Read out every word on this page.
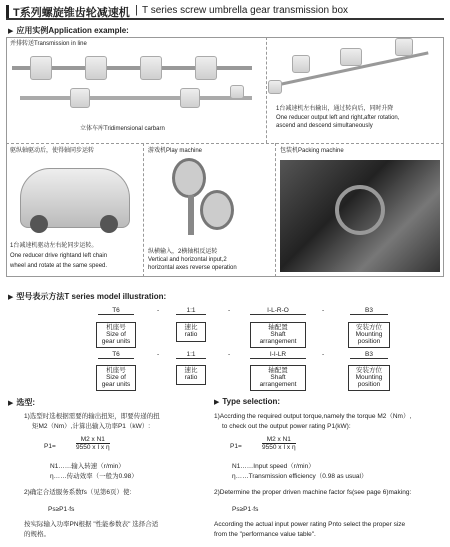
T系列螺旋锥齿轮减速机 | T series screw umbrella gear transmission box
▶ 应用实例Application example:
并排转送Transmission in line
立体车库Tridimensional carbarn
1台减速机左右输出，通过转向后，同时升降
One reducer output left and right,after rotation,
ascend and descend simultaneously
驱纵轴驱动后，使得轴同步运转
1台减速机驱动左右轮同步运转。
One reducer drive rightand left chain
wheel and rotate at the same speed.
游戏机Play machine
纵横输入，2横轴相反运转
Vertical and horizontal input,2
horizontal axes reverse operation
包装机Packing machine
▶ 型号表示方法T series model illustration:
T6	-	1:1	-	I-L-R-O	-	B3
机座号
Size of
gear units
速比
ratio
轴配置
Shaft
arrangement
安装方位
Mounting
position
T6	-	1:1	-	I-I-LR	-	B3
机座号
Size of
gear units
速比
ratio
轴配置
Shaft
arrangement
安装方位
Mounting
position
▶ 选型:
1)选型时选根据需要的输出扭矩，即要传递的扭
矩M2（Nm）,计算出输入功率P1（kW）:
P1=	$\frac{\text{M2 x N1}}{\text{9550 x I x η}}$
N1……输入转速（r/min）
η……传动效率（一般为0.98）
2)确定合适服务系数fs（见第6页）使:
Ps≥P1·fs
按实际输入功率PN根据 "性能参数表" 选择合适
的规格。
▶ Type selection:
1)Accrding the required output torque,namely the torque M2（Nm）,
to check out the output power rating P1(kW):
P1=	$\frac{\text{M2 x N1}}{\text{9550 x I x η}}$
N1……Input speed（r/min）
η……Transmission efficiency（0.98 as usual）
2)Determine the proper driven machine factor fs(see page 6)making:
Ps≥P1·fs
According the actual input power rating Pnto select the proper size
from the "performance value table".
